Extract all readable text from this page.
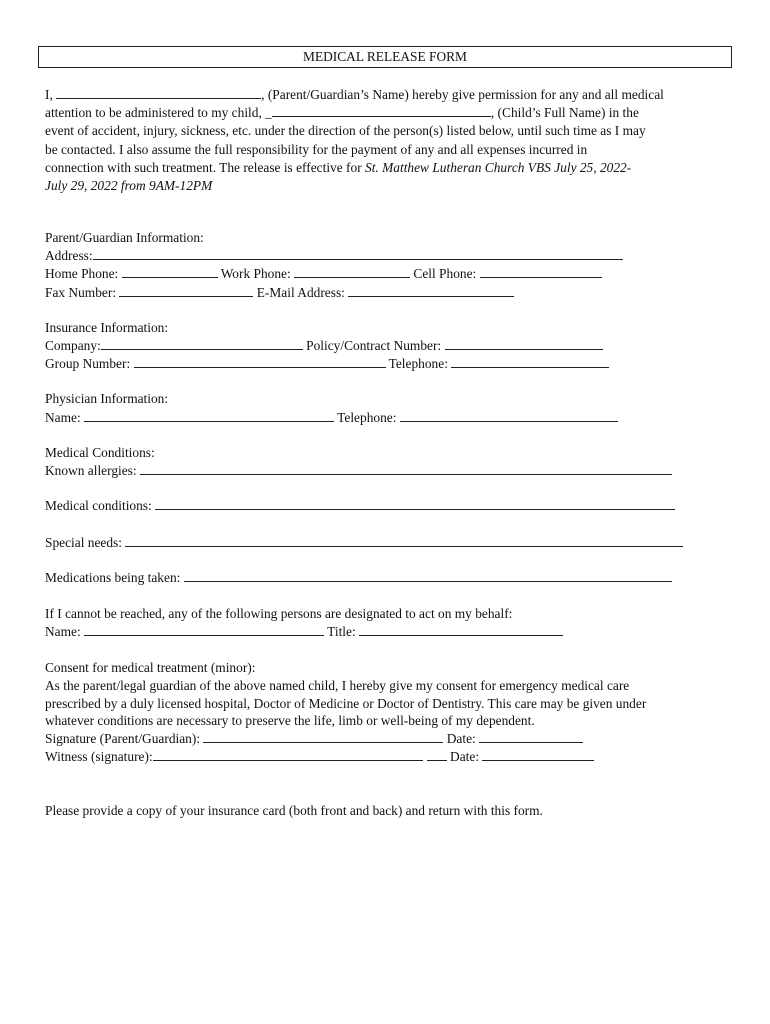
MEDICAL RELEASE FORM
I,	, (Parent/Guardian’s Name) hereby give permission for any and all medical
attention to be administered to my child, _	, (Child’s Full Name) in the
event of accident, injury, sickness, etc. under the direction of the person(s) listed below, until such time as I may
be contacted. I also assume the full responsibility for the payment of any and all expenses incurred in
connection with such treatment. The release is effective for St. Matthew Lutheran Church VBS July 25, 2022-
July 29, 2022 from 9AM-12PM
Parent/Guardian Information:
Address:
Home Phone:	Work Phone:	Cell Phone:
Fax Number:	E-Mail Address:
Insurance Information:
Company:	Policy/Contract Number:
Group Number:	Telephone:
Physician Information:
Name:	Telephone:
Medical Conditions:
Known allergies:
Medical conditions:
Special needs:
Medications being taken:
If I cannot be reached, any of the following persons are designated to act on my behalf:
Name:	Title:
Consent for medical treatment (minor):
As the parent/legal guardian of the above named child, I hereby give my consent for emergency medical care
prescribed by a duly licensed hospital, Doctor of Medicine or Doctor of Dentistry. This care may be given under
whatever conditions are necessary to preserve the life, limb or well-being of my dependent.
Signature (Parent/Guardian):	Date:
Witness (signature):	Date:
Please provide a copy of your insurance card (both front and back) and return with this form.
